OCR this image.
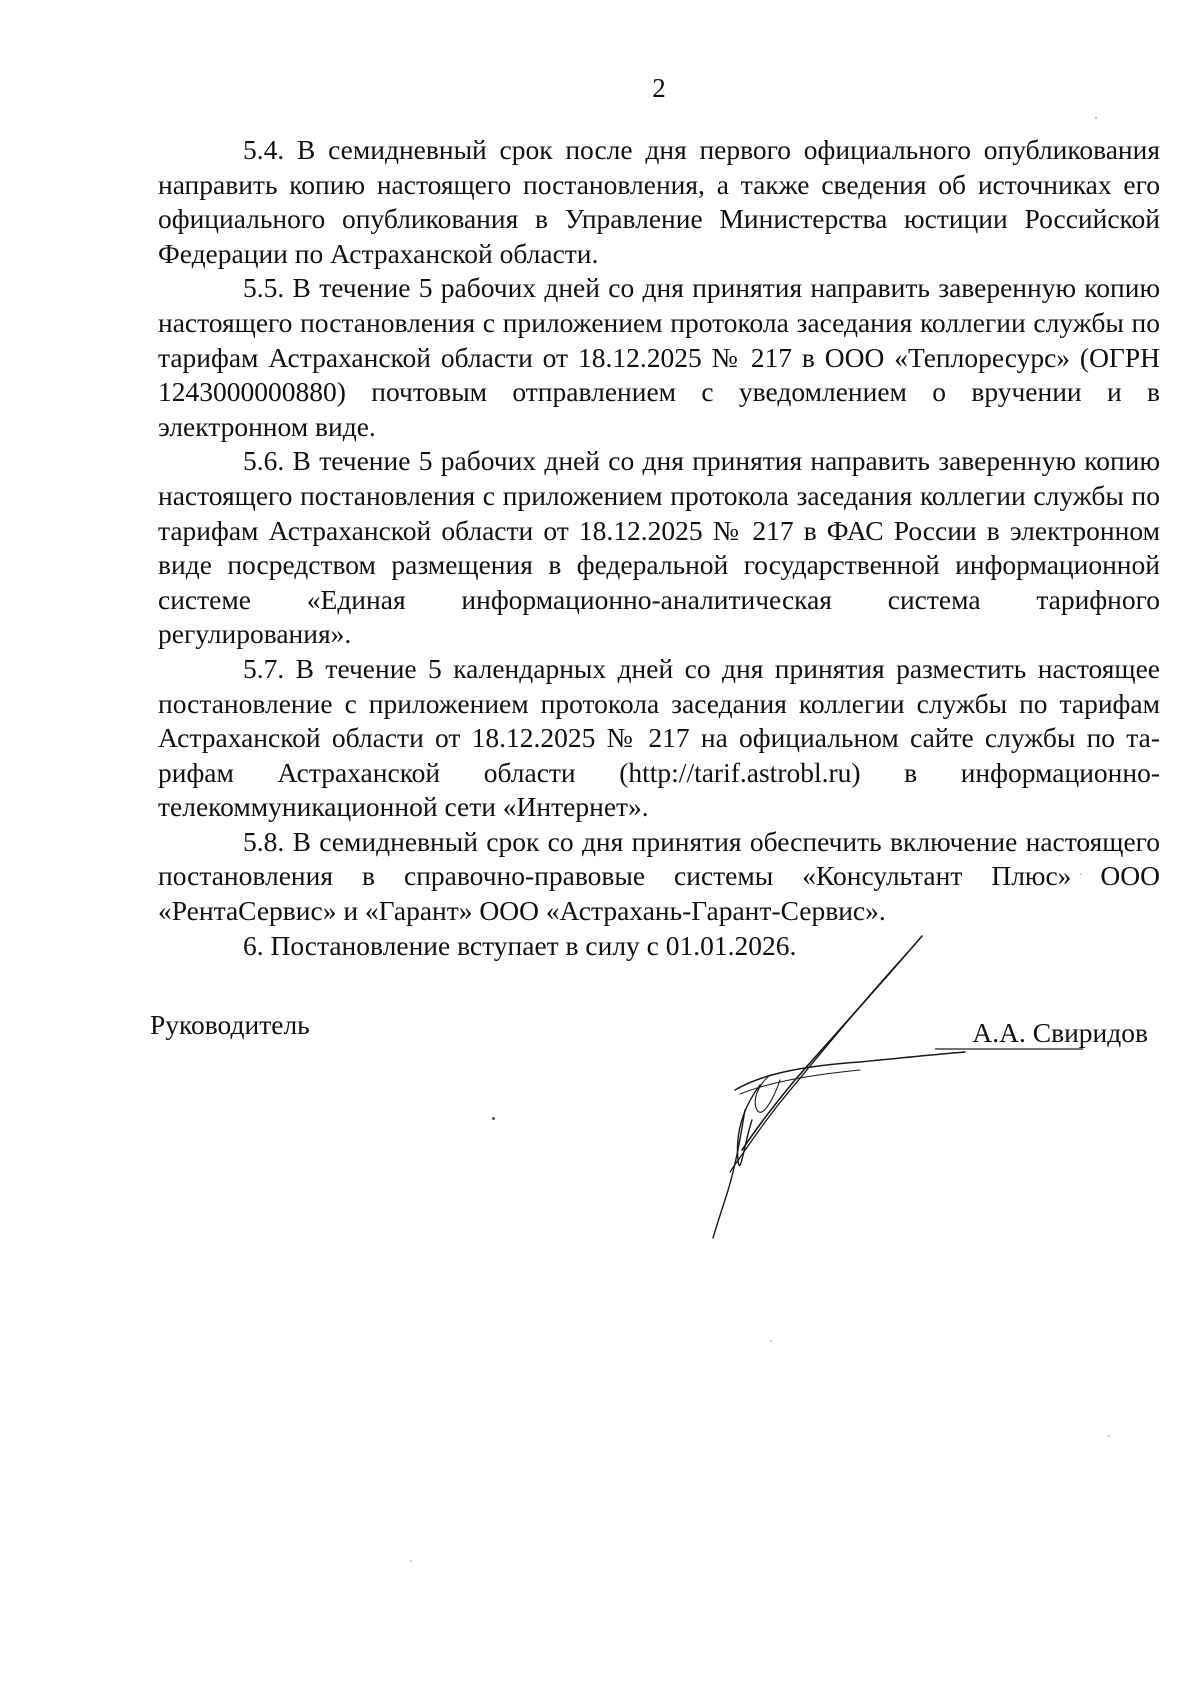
2

5.4. В семидневный срок после дня первого официального опубликования направить копию настоящего постановления, а также сведения об источниках его официального опубликования в Управление Министерства юстиции Российской Федерации по Астраханской области.

5.5. В течение 5 рабочих дней со дня принятия направить заверенную копию настоящего постановления с приложением протокола заседания коллегии службы по тарифам Астраханской области от 18.12.2025 № 217 в ООО «Теплоресурс» (ОГРН 1243000000880) почтовым отправлением с уведомлением о вручении и в электронном виде.

5.6. В течение 5 рабочих дней со дня принятия направить заверенную копию настоящего постановления с приложением протокола заседания коллегии службы по тарифам Астраханской области от 18.12.2025 № 217 в ФАС России в электронном виде посредством размещения в федеральной государственной информационной системе «Единая информационно-аналитическая система тарифного регулирования».

5.7. В течение 5 календарных дней со дня принятия разместить настоящее постановление с приложением протокола заседания коллегии службы по тарифам Астраханской области от 18.12.2025 № 217 на официальном сайте службы по тарифам Астраханской области (http://tarif.astrobl.ru) в информационно-телекоммуникационной сети «Интернет».

5.8. В семидневный срок со дня принятия обеспечить включение настоящего постановления в справочно-правовые системы «Консультант Плюс» ООО «РентаСервис» и «Гарант» ООО «Астрахань-Гарант-Сервис».

6. Постановление вступает в силу с 01.01.2026.

Руководитель	А.А. Свиридов
